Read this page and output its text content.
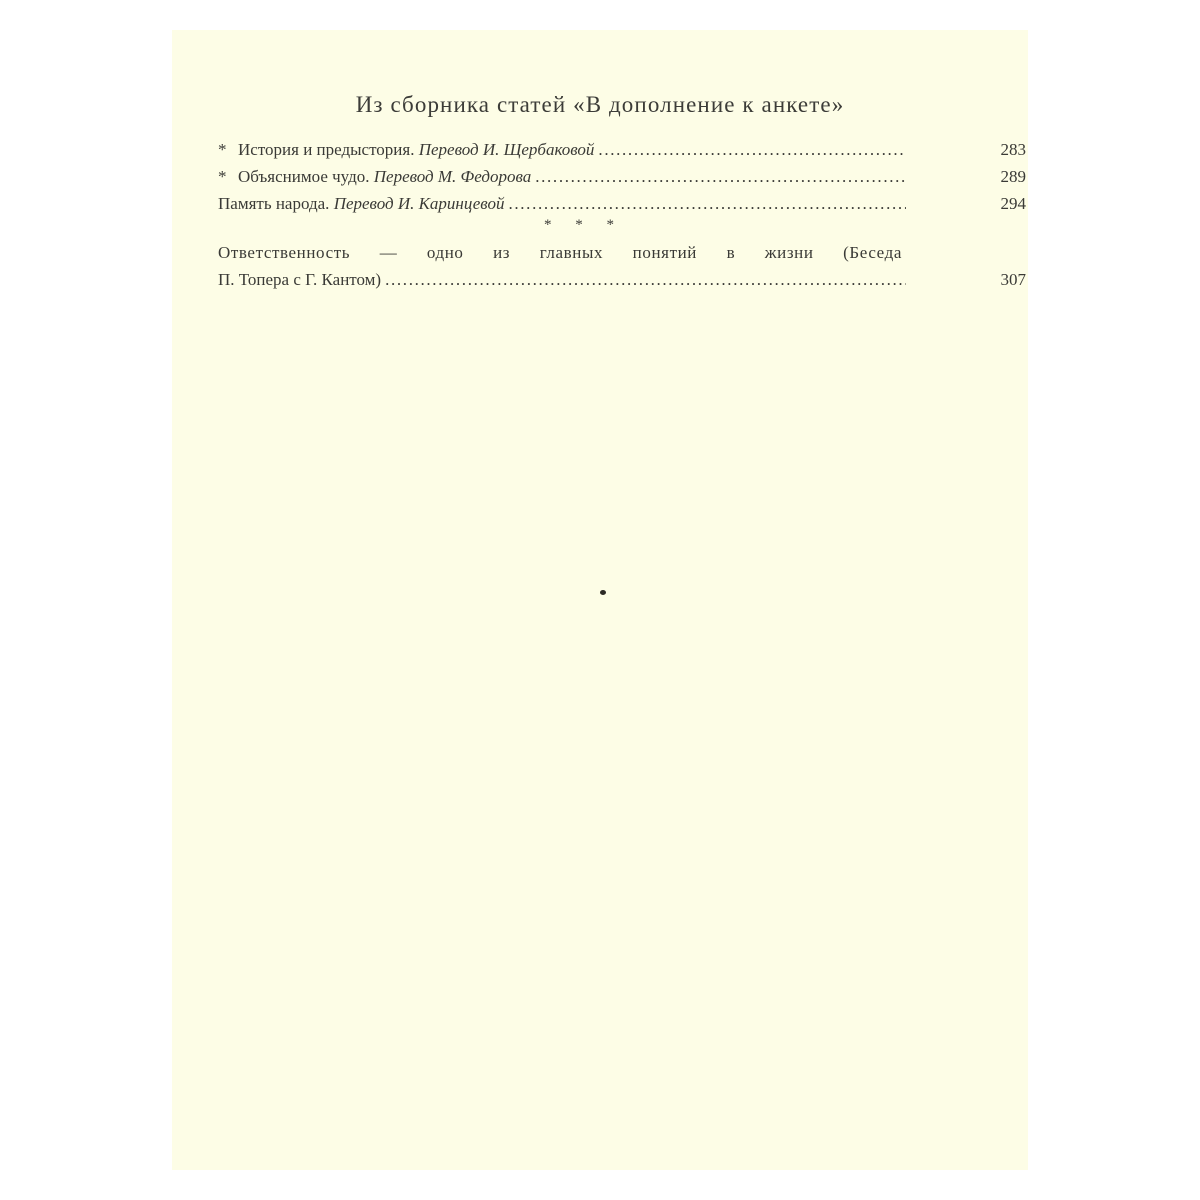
Из сборника статей «В дополнение к анкете»
* История и предыстория. Перевод И. Щербаковой . . .	283
* Объяснимое чудо. Перевод М. Федорова . . .	289
Память народа. Перевод И. Каринцевой . . .	294
* * *
Ответственность — одно из главных понятий в жизни (Беседа
П. Топера с Г. Кантом) . . .	307
